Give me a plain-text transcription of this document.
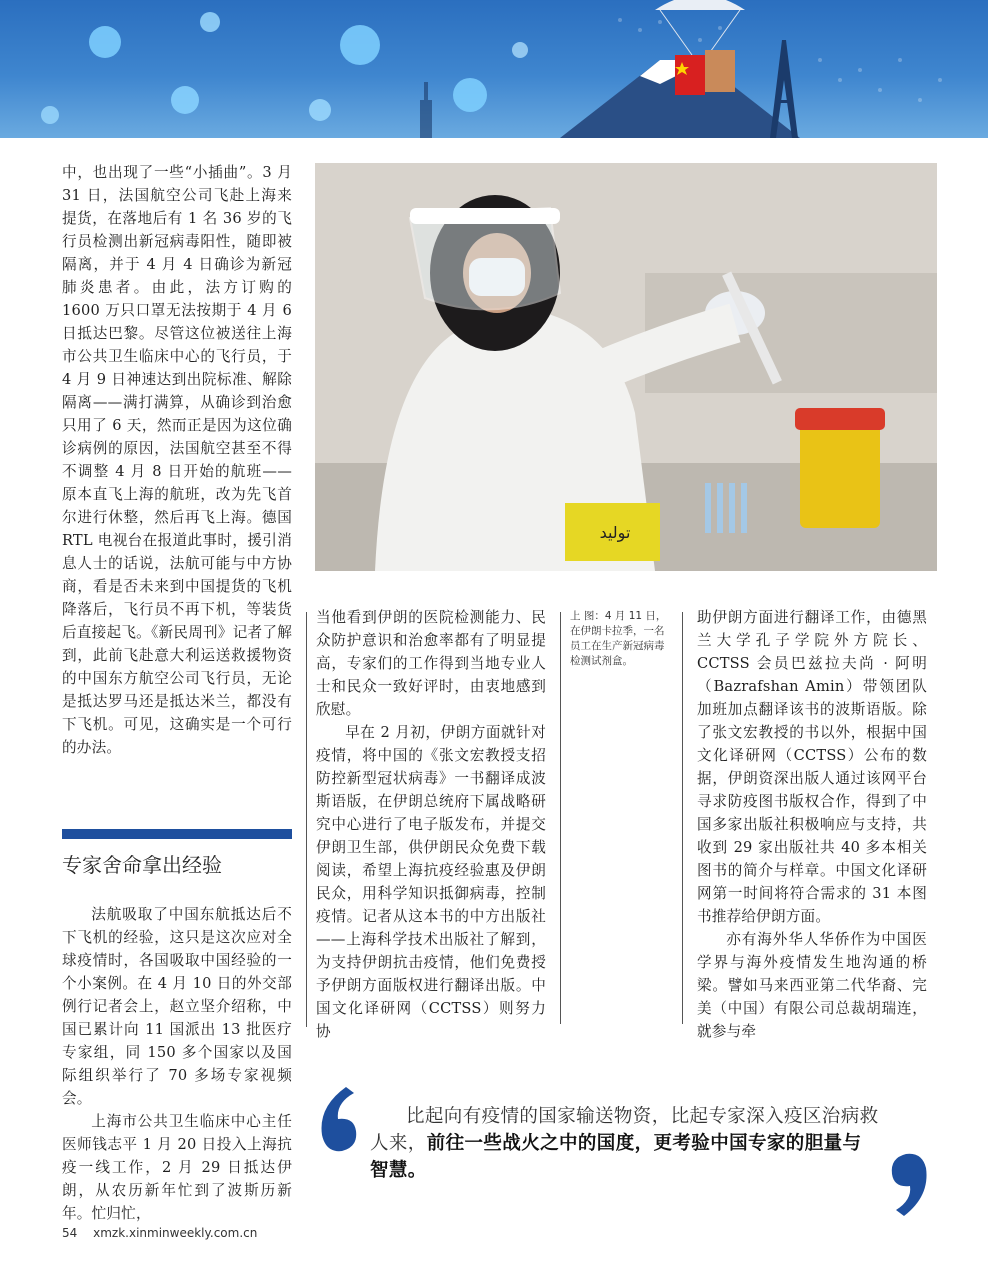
中，也出现了一些“小插曲”。3 月 31 日，法国航空公司飞赴上海来提货，在落地后有 1 名 36 岁的飞行员检测出新冠病毒阳性，随即被隔离，并于 4 月 4 日确诊为新冠肺炎患者。由此，法方订购的 1600 万只口罩无法按期于 4 月 6 日抵达巴黎。尽管这位被送往上海市公共卫生临床中心的飞行员，于 4 月 9 日神速达到出院标准、解除隔离——满打满算，从确诊到治愈只用了 6 天，然而正是因为这位确诊病例的原因，法国航空甚至不得不调整 4 月 8 日开始的航班——原本直飞上海的航班，改为先飞首尔进行休整，然后再飞上海。德国 RTL 电视台在报道此事时，援引消息人士的话说，法航可能与中方协商，看是否未来到中国提货的飞机降落后，飞行员不再下机，等装货后直接起飞。《新民周刊》记者了解到，此前飞赴意大利运送救援物资的中国东方航空公司飞行员，无论是抵达罗马还是抵达米兰，都没有下飞机。可见，这确实是一个可行的办法。

专家舍命拿出经验

法航吸取了中国东航抵达后不下飞机的经验，这只是这次应对全球疫情时，各国吸取中国经验的一个小案例。在 4 月 10 日的外交部例行记者会上，赵立坚介绍称，中国已累计向 11 国派出 13 批医疗专家组，同 150 多个国家以及国际组织举行了 70 多场专家视频会。

上海市公共卫生临床中心主任医师钱志平 1 月 20 日投入上海抗疫一线工作，2 月 29 日抵达伊朗，从农历新年忙到了波斯历新年。忙归忙，

توليد

当他看到伊朗的医院检测能力、民众防护意识和治愈率都有了明显提高，专家们的工作得到当地专业人士和民众一致好评时，由衷地感到欣慰。

早在 2 月初，伊朗方面就针对疫情，将中国的《张文宏教授支招防控新型冠状病毒》一书翻译成波斯语版，在伊朗总统府下属战略研究中心进行了电子版发布，并提交伊朗卫生部，供伊朗民众免费下载阅读，希望上海抗疫经验惠及伊朗民众，用科学知识抵御病毒，控制疫情。记者从这本书的中方出版社——上海科学技术出版社了解到，为支持伊朗抗击疫情，他们免费授予伊朗方面版权进行翻译出版。中国文化译研网（CCTSS）则努力协

上 图：4 月 11 日，在伊朗卡拉季，一名员工在生产新冠病毒检测试剂盒。

助伊朗方面进行翻译工作，由德黑兰大学孔子学院外方院长、CCTSS 会员巴兹拉夫尚 · 阿明（Bazrafshan Amin）带领团队加班加点翻译该书的波斯语版。除了张文宏教授的书以外，根据中国文化译研网（CCTSS）公布的数据，伊朗资深出版人通过该网平台寻求防疫图书版权合作，得到了中国多家出版社积极响应与支持，共收到 29 家出版社共 40 多本相关图书的简介与样章。中国文化译研网第一时间将符合需求的 31 本图书推荐给伊朗方面。

亦有海外华人华侨作为中国医学界与海外疫情发生地沟通的桥梁。譬如马来西亚第二代华裔、完美（中国）有限公司总裁胡瑞连，就参与牵

比起向有疫情的国家输送物资，比起专家深入疫区治病救人来，前往一些战火之中的国度，更考验中国专家的胆量与智慧。
54 xmzk.xinminweekly.com.cn
